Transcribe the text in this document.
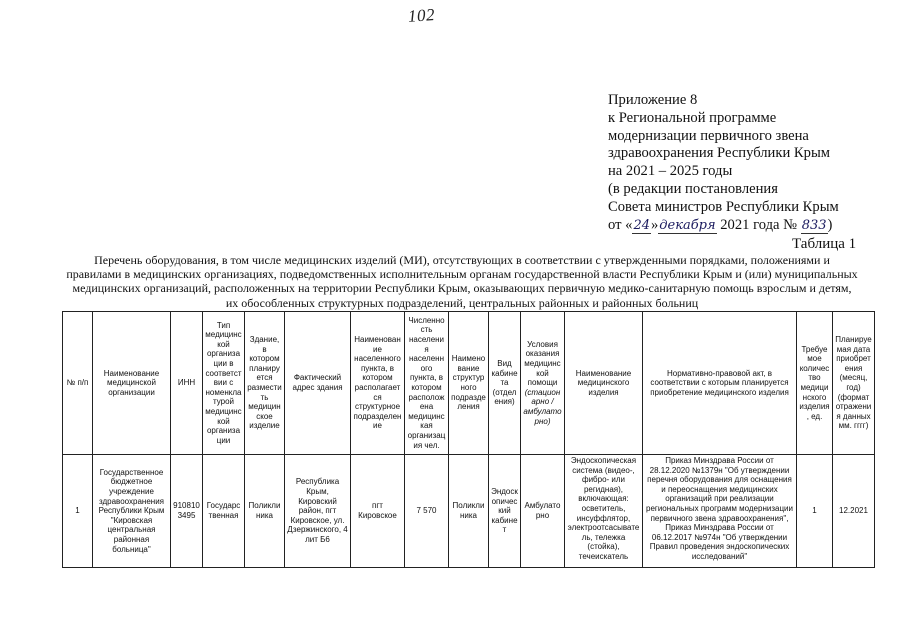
102
Приложение 8
к Региональной программе
модернизации первичного звена
здравоохранения Республики Крым
на 2021 – 2025 годы
(в редакции постановления
Совета министров Республики Крым
от «24»декабря 2021 года № 833)
Таблица 1
Перечень оборудования, в том числе медицинских изделий (МИ), отсутствующих в соответствии с утвержденными порядками, положениями и
правилами в медицинских организациях, подведомственных исполнительным органам государственной власти Республики Крым и (или) муниципальных
медицинских организаций, расположенных на территории Республики Крым, оказывающих первичную медико-санитарную помощь взрослым и детям,
их обособленных структурных подразделений, центральных районных и районных больниц
№ п/п	Наименование медицинской организации	ИНН	Тип медицинской организации в соответствии с номенклатурой медицинской организации	Здание, в котором планируется разместить медицинское изделие	Фактический адрес здания	Наименование населенного пункта, в котором располагается структурное подразделение	Численность населения населенного пункта, в котором расположена медицинская организация чел.	Наименование структурного подразделения	Вид кабинета (отделения)	Условия оказания медицинской помощи (стационарно / амбулаторно)	Наименование медицинского изделия	Нормативно-правовой акт, в соответствии с которым планируется приобретение медицинского изделия	Требуемое количество медицинского изделия, ед.	Планируемая дата приобретения (месяц, год) (формат отражения данных мм. гггг)
1	Государственное бюджетное учреждение здравоохранения Республики Крым "Кировская центральная районная больница"	9108103495	Государственная	Поликлиника	Республика Крым, Кировский район, пгт Кировское, ул. Дзержинского, 4 лит Б6	пгт Кировское	7 570	Поликлиника	Эндоскопический кабинет	Амбулаторно	Эндоскопическая система (видео-, фибро- или регидная), включающая: осветитель, инсуффлятор, электроотсасыватель, тележка (стойка), течеискатель	Приказ Минздрава России от 28.12.2020 №1379н "Об утверждении перечня оборудования для оснащения и переоснащения медицинских организаций при реализации региональных программ модернизации первичного звена здравоохранения", Приказ Минздрава России от 06.12.2017 №974н "Об утверждении Правил проведения эндоскопических исследований"	1	12.2021
